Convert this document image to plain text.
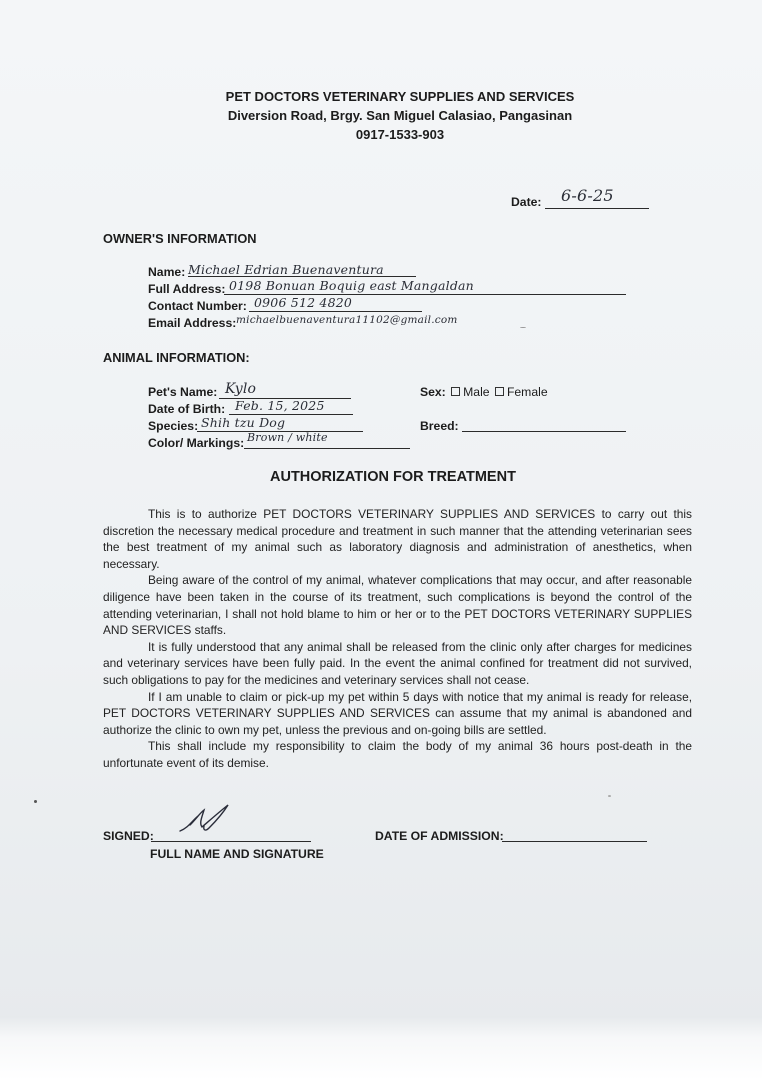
PET DOCTORS VETERINARY SUPPLIES AND SERVICES
Diversion Road, Brgy. San Miguel Calasiao, Pangasinan
0917-1533-903
Date: 6-6-25
OWNER'S INFORMATION
Name: Michael Edrian Buenaventura
Full Address: 0198 Bonuan Boquig east Mangaldan
Contact Number: 0906 512 4820
Email Address: michaelbuenaventura11102@gmail.com
ANIMAL INFORMATION:
Pet's Name: Kylo
Date of Birth: Feb. 15, 2025
Species: Shih tzu Dog
Color/ Markings: Brown / white
Sex: Male Female
Breed:
AUTHORIZATION FOR TREATMENT

This is to authorize PET DOCTORS VETERINARY SUPPLIES AND SERVICES to carry out this discretion the necessary medical procedure and treatment in such manner that the attending veterinarian sees the best treatment of my animal such as laboratory diagnosis and administration of anesthetics, when necessary.

Being aware of the control of my animal, whatever complications that may occur, and after reasonable diligence have been taken in the course of its treatment, such complications is beyond the control of the attending veterinarian, I shall not hold blame to him or her or to the PET DOCTORS VETERINARY SUPPLIES AND SERVICES staffs.

It is fully understood that any animal shall be released from the clinic only after charges for medicines and veterinary services have been fully paid. In the event the animal confined for treatment did not survived, such obligations to pay for the medicines and veterinary services shall not cease.

If I am unable to claim or pick-up my pet within 5 days with notice that my animal is ready for release, PET DOCTORS VETERINARY SUPPLIES AND SERVICES can assume that my animal is abandoned and authorize the clinic to own my pet, unless the previous and on-going bills are settled.

This shall include my responsibility to claim the body of my animal 36 hours post-death in the unfortunate event of its demise.

SIGNED:
FULL NAME AND SIGNATURE
DATE OF ADMISSION:
